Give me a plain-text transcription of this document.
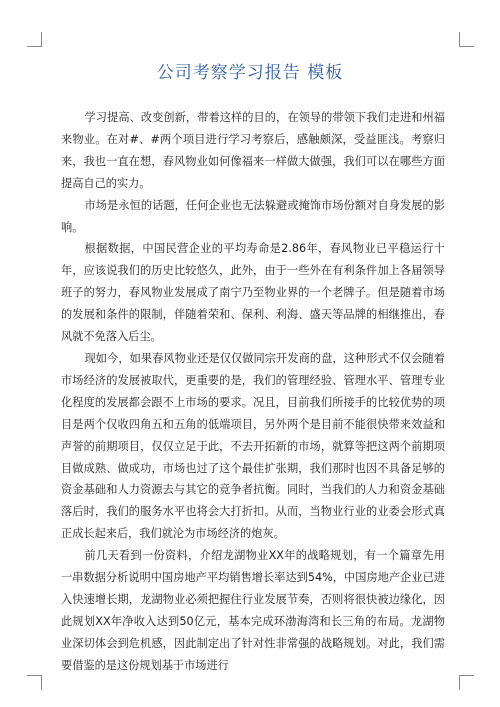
公司考察学习报告 模板

学习提高、改变创新，带着这样的目的，在领导的带领下我们走进和州福来物业。在对#、#两个项目进行学习考察后，感触颇深，受益匪浅。考察归来，我也一直在想，春风物业如何像福来一样做大做强，我们可以在哪些方面提高自己的实力。

市场是永恒的话题，任何企业也无法躲避或掩饰市场份额对自身发展的影响。

根据数据，中国民营企业的平均寿命是2.86年，春风物业已平稳运行十年，应该说我们的历史比较悠久，此外，由于一些外在有利条件加上各届领导班子的努力，春风物业发展成了南宁乃至物业界的一个老牌子。但是随着市场的发展和条件的限制，伴随着荣和、保利、利海、盛天等品牌的相继推出，春风就不免落入后尘。

现如今，如果春风物业还是仅仅做同宗开发商的盘，这种形式不仅会随着市场经济的发展被取代，更重要的是，我们的管理经验、管理水平、管理专业化程度的发展都会跟不上市场的要求。况且，目前我们所接手的比较优势的项目是两个仅收四角五和五角的低端项目，另外两个是目前不能很快带来效益和声誉的前期项目，仅仅立足于此，不去开拓新的市场，就算等把这两个前期项目做成熟、做成功，市场也过了这个最佳扩张期，我们那时也因不具备足够的资金基础和人力资源去与其它的竞争者抗衡。同时，当我们的人力和资金基础落后时，我们的服务水平也将会大打折扣。从而，当物业行业的业委会形式真正成长起来后，我们就沦为市场经济的炮灰。

前几天看到一份资料，介绍龙湖物业XX年的战略规划，有一个篇章先用一串数据分析说明中国房地产平均销售增长率达到54%，中国房地产企业已进入快速增长期，龙湖物业必须把握住行业发展节奏，否则将很快被边缘化，因此规划XX年净收入达到50亿元，基本完成环渤海湾和长三角的布局。龙湖物业深切体会到危机感，因此制定出了针对性非常强的战略规划。对此，我们需要借鉴的是这份规划基于市场进行
